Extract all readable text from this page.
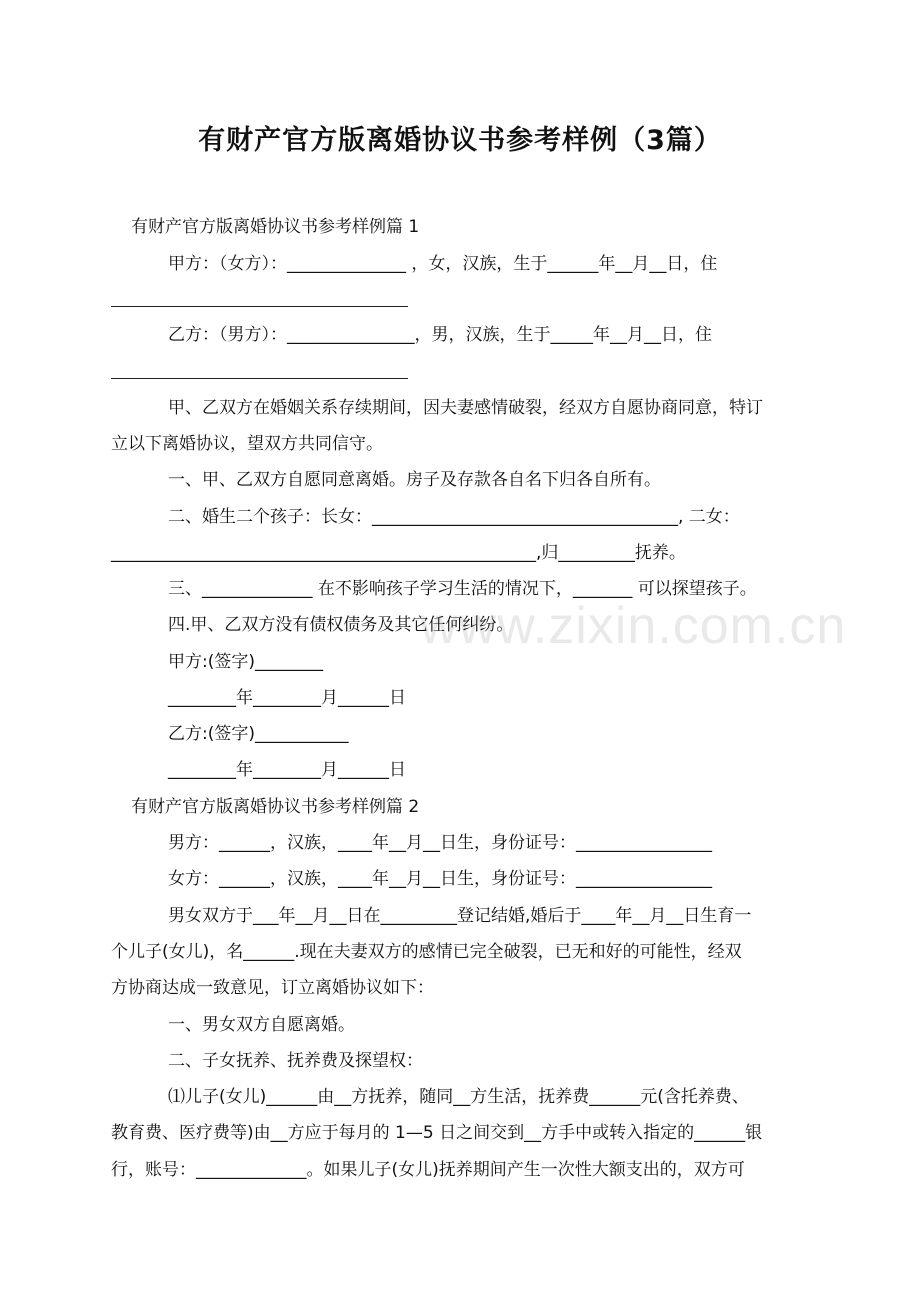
有财产官方版离婚协议书参考样例（3篇）
有财产官方版离婚协议书参考样例篇 1
甲方：（女方）：______________ ，女，汉族，生于______年__月__日，住
乙方：（男方）：_______________，男，汉族，生于_____年__月__日，住
甲、乙双方在婚姻关系存续期间，因夫妻感情破裂，经双方自愿协商同意，特订
立以下离婚协议，望双方共同信守。
一、甲、乙双方自愿同意离婚。房子及存款各自名下归各自所有。
二、婚生二个孩子：长女：____________________________________, 二女：
__________________________________________________,归_________抚养。
三、_____________ 在不影响孩子学习生活的情况下，_______ 可以探望孩子。
四.甲、乙双方没有债权债务及其它任何纠纷。
甲方:(签字)________
________年________月______日
乙方:(签字)___________
________年________月______日
有财产官方版离婚协议书参考样例篇 2
男方：______，汉族，____年__月__日生，身份证号：________________
女方：______，汉族，____年__月__日生，身份证号：________________
男女双方于___年__月__日在_________登记结婚,婚后于____年__月__日生育一
个儿子(女儿)，名______.现在夫妻双方的感情已完全破裂，已无和好的可能性，经双
方协商达成一致意见，订立离婚协议如下：
一、男女双方自愿离婚。
二、子女抚养、抚养费及探望权：
⑴儿子(女儿)______由__方抚养，随同__方生活，抚养费______元(含托养费、
教育费、医疗费等)由__方应于每月的 1—5 日之间交到__方手中或转入指定的______银
行，账号：_____________。如果儿子(女儿)抚养期间产生一次性大额支出的，双方可
www.zixin.com.cn
